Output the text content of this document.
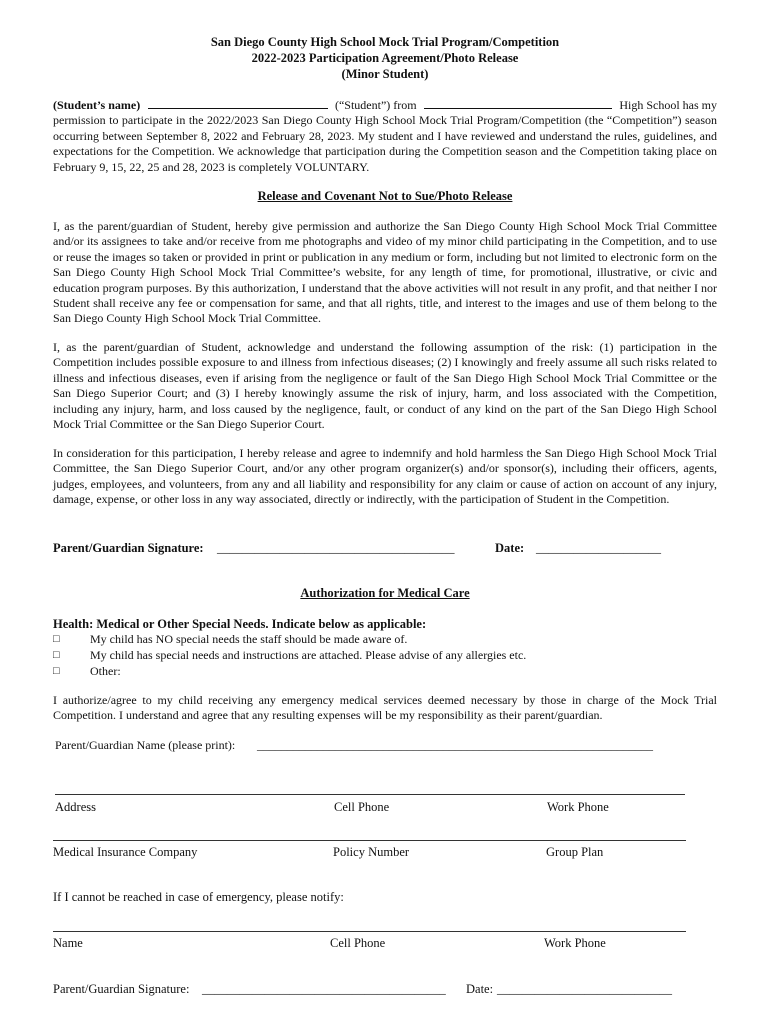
San Diego County High School Mock Trial Program/Competition
2022-2023 Participation Agreement/Photo Release
(Minor Student)
(Student’s name)	(“Student”) from	High School has my
permission to participate in the 2022/2023 San Diego County High School Mock Trial Program/Competition (the “Competition”) season occurring between September 8, 2022 and February 28, 2023. My student and I have reviewed and understand the rules, guidelines, and expectations for the Competition. We acknowledge that participation during the Competition season and the Competition taking place on February 9, 15, 22, 25 and 28, 2023 is completely VOLUNTARY.
Release and Covenant Not to Sue/Photo Release

I, as the parent/guardian of Student, hereby give permission and authorize the San Diego County High School Mock Trial Committee and/or its assignees to take and/or receive from me photographs and video of my minor child participating in the Competition, and to use or reuse the images so taken or provided in print or publication in any medium or form, including but not limited to electronic form on the San Diego County High School Mock Trial Committee’s website, for any length of time, for promotional, illustrative, or civic and education program purposes. By this authorization, I understand that the above activities will not result in any profit, and that neither I nor Student shall receive any fee or compensation for same, and that all rights, title, and interest to the images and use of them belong to the San Diego County High School Mock Trial Committee.

I, as the parent/guardian of Student, acknowledge and understand the following assumption of the risk: (1) participation in the Competition includes possible exposure to and illness from infectious diseases; (2) I knowingly and freely assume all such risks related to illness and infectious diseases, even if arising from the negligence or fault of the San Diego High School Mock Trial Committee or the San Diego Superior Court; and (3) I hereby knowingly assume the risk of injury, harm, and loss associated with the Competition, including any injury, harm, and loss caused by the negligence, fault, or conduct of any kind on the part of the San Diego High School Mock Trial Committee or the San Diego Superior Court.

In consideration for this participation, I hereby release and agree to indemnify and hold harmless the San Diego High School Mock Trial Committee, the San Diego Superior Court, and/or any other program organizer(s) and/or sponsor(s), including their officers, agents, judges, employees, and volunteers, from any and all liability and responsibility for any claim or cause of action on account of any injury, damage, expense, or other loss in any way associated, directly or indirectly, with the participation of Student in the Competition.

Parent/Guardian Signature: ______________________________________	Date: ____________________
Authorization for Medical Care
Health: Medical or Other Special Needs. Indicate below as applicable:
□	My child has NO special needs the staff should be made aware of.
□	My child has special needs and instructions are attached. Please advise of any allergies etc.
□	Other:

I authorize/agree to my child receiving any emergency medical services deemed necessary by those in charge of the Mock Trial Competition. I understand and agree that any resulting expenses will be my responsibility as their parent/guardian.

Parent/Guardian Name (please print): __________________________________________________________________
Address	Cell Phone	Work Phone
Medical Insurance Company	Policy Number	Group Plan
If I cannot be reached in case of emergency, please notify:
Name	Cell Phone	Work Phone
Parent/Guardian Signature: _______________________________________ Date: ____________________________
